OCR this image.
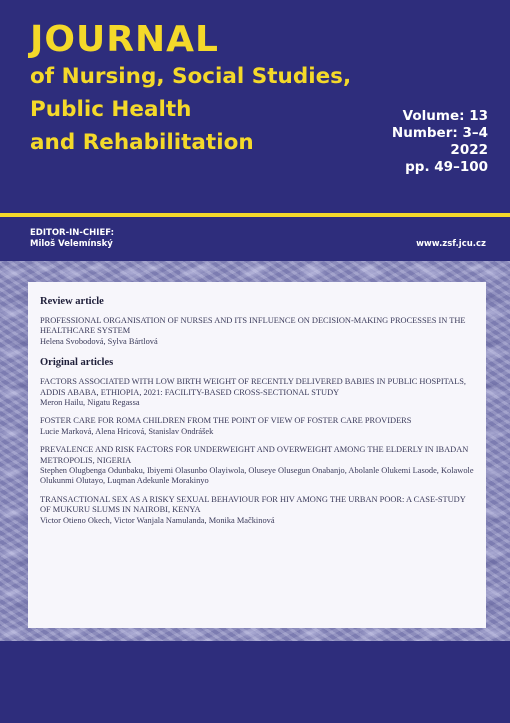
JOURNAL
of Nursing, Social Studies,
Public Health
and Rehabilitation
Volume: 13
Number: 3–4
2022
pp. 49–100
EDITOR-IN-CHIEF:
Miloš Velemínský	www.zsf.jcu.cz
Review article
PROFESSIONAL ORGANISATION OF NURSES AND ITS INFLUENCE ON DECISION-MAKING PROCESSES IN THE HEALTHCARE SYSTEM
Helena Svobodová, Sylva Bártlová
Original articles
FACTORS ASSOCIATED WITH LOW BIRTH WEIGHT OF RECENTLY DELIVERED BABIES IN PUBLIC HOSPITALS, ADDIS ABABA, ETHIOPIA, 2021: FACILITY-BASED CROSS-SECTIONAL STUDY
Meron Hailu, Nigatu Regassa
FOSTER CARE FOR ROMA CHILDREN FROM THE POINT OF VIEW OF FOSTER CARE PROVIDERS
Lucie Marková, Alena Hricová, Stanislav Ondrášek
PREVALENCE AND RISK FACTORS FOR UNDERWEIGHT AND OVERWEIGHT AMONG THE ELDERLY IN IBADAN METROPOLIS, NIGERIA
Stephen Olugbenga Odunbaku, Ibiyemi Olasunbo Olayiwola, Oluseye Olusegun Onabanjo, Abolanle Olukemi Lasode, Kolawole Olukunmi Olutayo, Luqman Adekunle Morakinyo
TRANSACTIONAL SEX AS A RISKY SEXUAL BEHAVIOUR FOR HIV AMONG THE URBAN POOR: A CASE-STUDY OF MUKURU SLUMS IN NAIROBI, KENYA
Victor Otieno Okech, Victor Wanjala Namulanda, Monika Mačkinová
